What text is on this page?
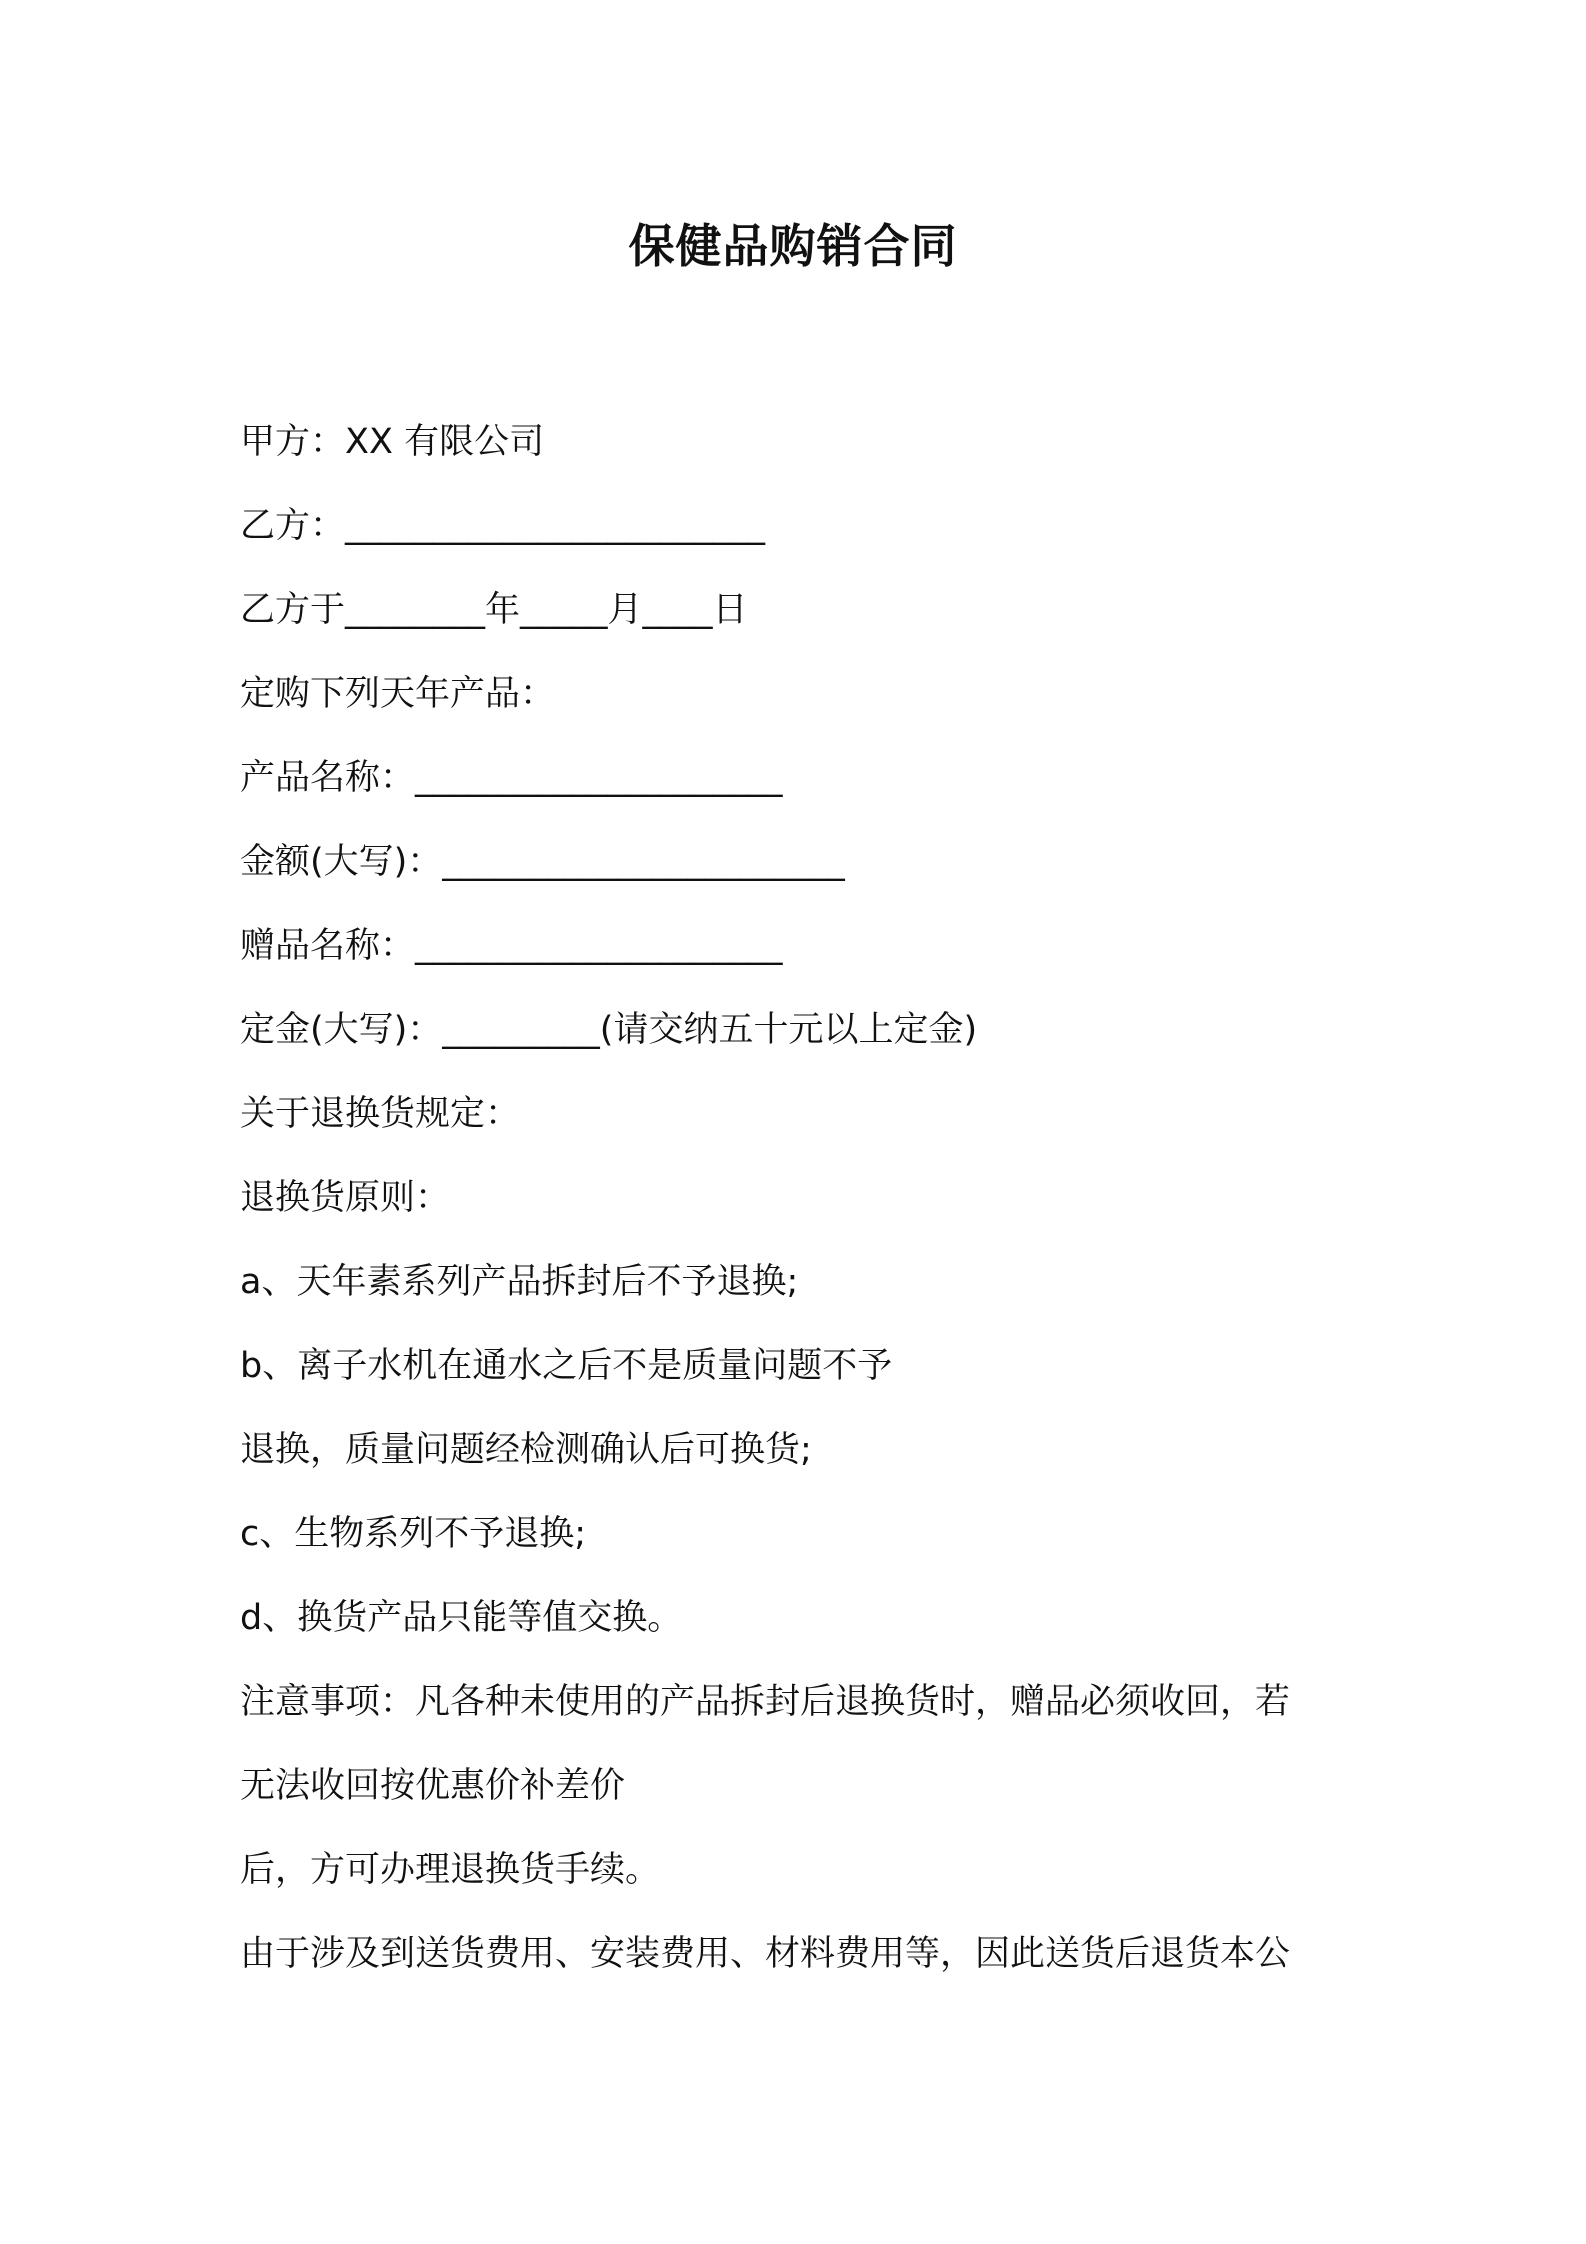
保健品购销合同
甲方：XX 有限公司
乙方：________________________
乙方于________年_____月____日
定购下列天年产品：
产品名称：_____________________
金额(大写)：_______________________
赠品名称：_____________________
定金(大写)：_________(请交纳五十元以上定金)
关于退换货规定：
退换货原则：
a、天年素系列产品拆封后不予退换;
b、离子水机在通水之后不是质量问题不予
退换，质量问题经检测确认后可换货;
c、生物系列不予退换;
d、换货产品只能等值交换。
注意事项：凡各种未使用的产品拆封后退换货时，赠品必须收回，若
无法收回按优惠价补差价
后，方可办理退换货手续。
由于涉及到送货费用、安装费用、材料费用等，因此送货后退货本公
